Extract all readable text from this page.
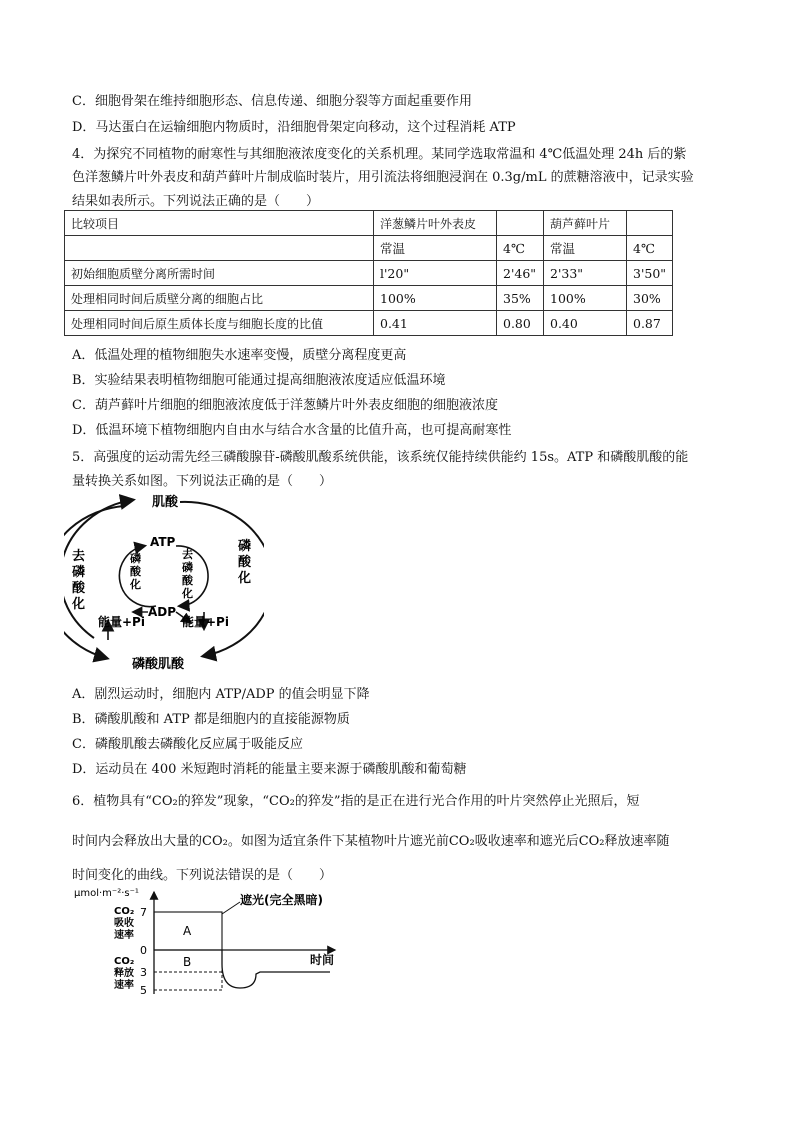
C．细胞骨架在维持细胞形态、信息传递、细胞分裂等方面起重要作用
D．马达蛋白在运输细胞内物质时，沿细胞骨架定向移动，这个过程消耗 ATP
4．为探究不同植物的耐寒性与其细胞液浓度变化的关系机理。某同学选取常温和 4℃低温处理 24h 后的紫
色洋葱鳞片叶外表皮和葫芦藓叶片制成临时装片，用引流法将细胞浸润在 0.3g/mL 的蔗糖溶液中，记录实验
结果如表所示。下列说法正确的是（　　）
比较项目	洋葱鳞片叶外表皮		葫芦藓叶片	
	常温	4℃	常温	4℃
初始细胞质壁分离所需时间	l'20"	2'46"	2'33"	3'50"
处理相同时间后质壁分离的细胞占比	100%	35%	100%	30%
处理相同时间后原生质体长度与细胞长度的比值	0.41	0.80	0.40	0.87
A．低温处理的植物细胞失水速率变慢，质壁分离程度更高
B．实验结果表明植物细胞可能通过提高细胞液浓度适应低温环境
C．葫芦藓叶片细胞的细胞液浓度低于洋葱鳞片叶外表皮细胞的细胞液浓度
D．低温环境下植物细胞内自由水与结合水含量的比值升高，也可提高耐寒性
5．高强度的运动需先经三磷酸腺苷-磷酸肌酸系统供能，该系统仅能持续供能约 15s。ATP 和磷酸肌酸的能
量转换关系如图。下列说法正确的是（　　）
肌酸
磷酸肌酸
ATP
ADP
能量+Pi	能量+Pi
去磷酸化
磷酸化
磷酸化
去磷酸化
A．剧烈运动时，细胞内 ATP/ADP 的值会明显下降
B．磷酸肌酸和 ATP 都是细胞内的直接能源物质
C．磷酸肌酸去磷酸化反应属于吸能反应
D．运动员在 400 米短跑时消耗的能量主要来源于磷酸肌酸和葡萄糖
6．植物具有“CO₂的猝发”现象，“CO₂的猝发”指的是正在进行光合作用的叶片突然停止光照后，短
时间内会释放出大量的CO₂。如图为适宜条件下某植物叶片遮光前CO₂吸收速率和遮光后CO₂释放速率随
时间变化的曲线。下列说法错误的是（　　）
μmol·m⁻²·s⁻¹
7
0
3
5
CO₂
吸收
速率
CO₂
释放
速率
A
B
遮光(完全黑暗)
时间
